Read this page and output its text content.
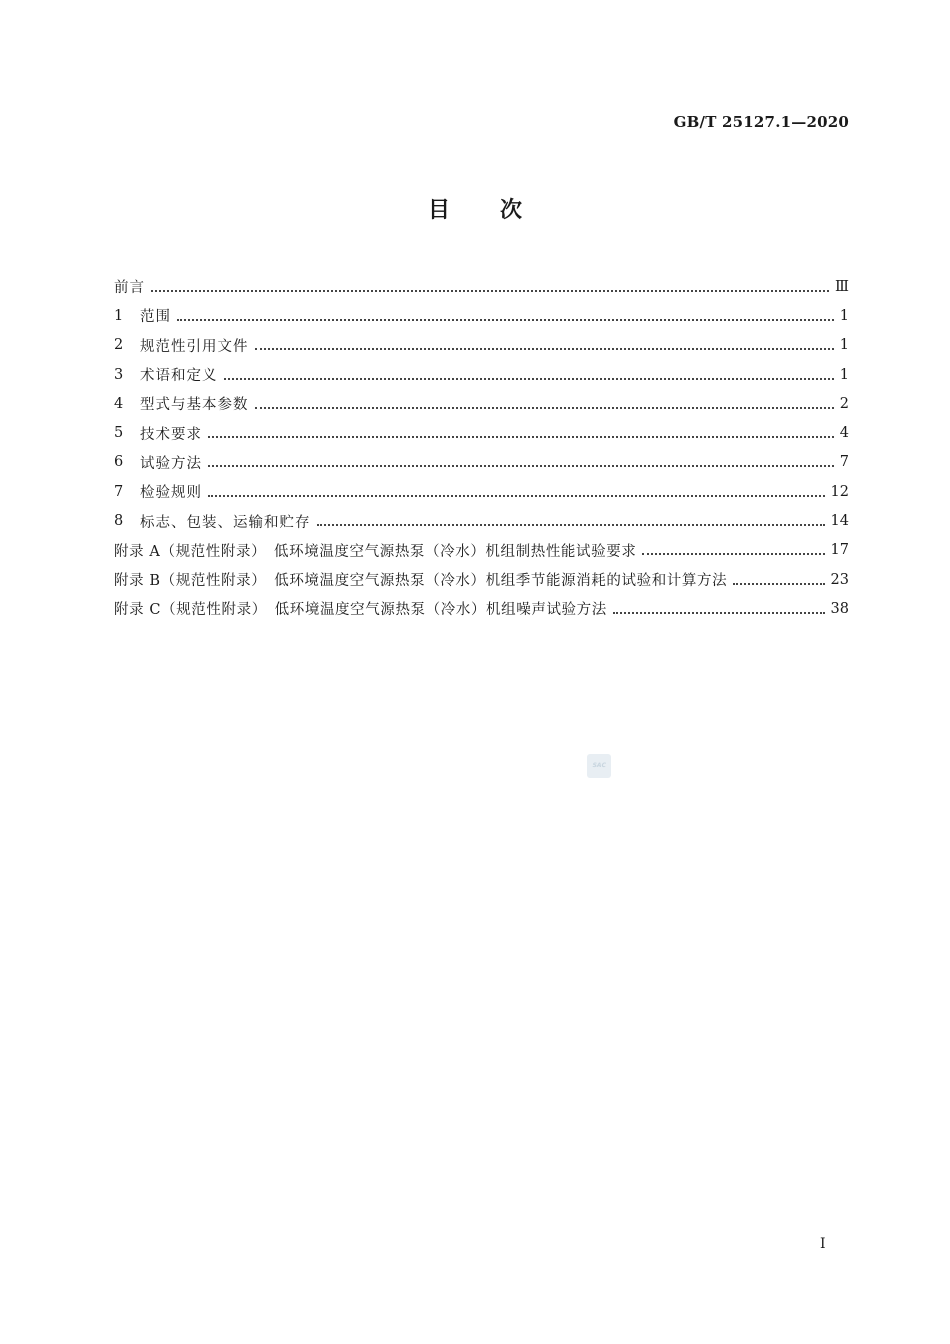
GB/T 25127.1—2020
目次
前言	Ⅲ
1	范围	1
2	规范性引用文件	1
3	术语和定义	1
4	型式与基本参数	2
5	技术要求	4
6	试验方法	7
7	检验规则	12
8	标志、包装、运输和贮存	14
附录 A（规范性附录）　低环境温度空气源热泵（冷水）机组制热性能试验要求	17
附录 B（规范性附录）　低环境温度空气源热泵（冷水）机组季节能源消耗的试验和计算方法	23
附录 C（规范性附录）　低环境温度空气源热泵（冷水）机组噪声试验方法	38
SAC
Ⅰ
